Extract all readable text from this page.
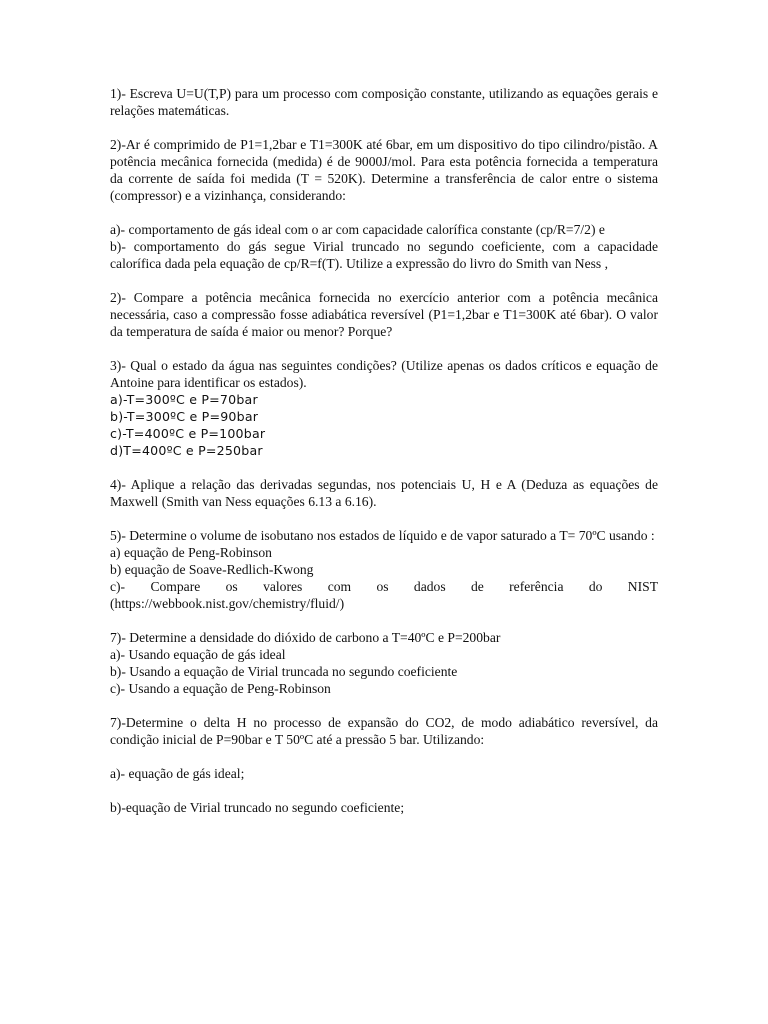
1)- Escreva U=U(T,P) para um processo com composição constante, utilizando as equações gerais e relações matemáticas.

2)-Ar é comprimido de P1=1,2bar e T1=300K até 6bar, em um dispositivo do tipo cilindro/pistão. A potência mecânica fornecida (medida) é de 9000J/mol. Para esta potência fornecida a temperatura da corrente de saída foi medida (T = 520K). Determine a transferência de calor entre o sistema (compressor) e a vizinhança, considerando:

a)- comportamento de gás ideal com o ar com capacidade calorífica constante (cp/R=7/2) e
b)- comportamento do gás segue Virial truncado no segundo coeficiente, com a capacidade calorífica dada pela equação de cp/R=f(T). Utilize a expressão do livro do Smith van Ness ,

2)- Compare a potência mecânica fornecida no exercício anterior com a potência mecânica necessária, caso a compressão fosse adiabática reversível (P1=1,2bar e T1=300K até 6bar). O valor da temperatura de saída é maior ou menor? Porque?

3)- Qual o estado da água nas seguintes condições? (Utilize apenas os dados críticos e equação de Antoine para identificar os estados).
a)-T=300ºC e P=70bar
b)-T=300ºC e P=90bar
c)-T=400ºC e P=100bar
d)T=400ºC e P=250bar

4)- Aplique a relação das derivadas segundas, nos potenciais U, H e A (Deduza as equações de Maxwell (Smith van Ness equações 6.13 a 6.16).

5)- Determine o volume de isobutano nos estados de líquido e de vapor saturado a T= 70ºC usando :
a) equação de Peng-Robinson
b) equação de Soave-Redlich-Kwong
c)- Compare os valores com os dados de referência do NIST (https://webbook.nist.gov/chemistry/fluid/)
7)- Determine a densidade do dióxido de carbono a T=40ºC e P=200bar
a)- Usando equação de gás ideal
b)- Usando a equação de Virial truncada no segundo coeficiente
c)- Usando a equação de Peng-Robinson

7)-Determine o delta H no processo de expansão do CO2, de modo adiabático reversível, da condição inicial de P=90bar e T 50ºC até a pressão 5 bar. Utilizando:

a)- equação de gás ideal;

b)-equação de Virial truncado no segundo coeficiente;
